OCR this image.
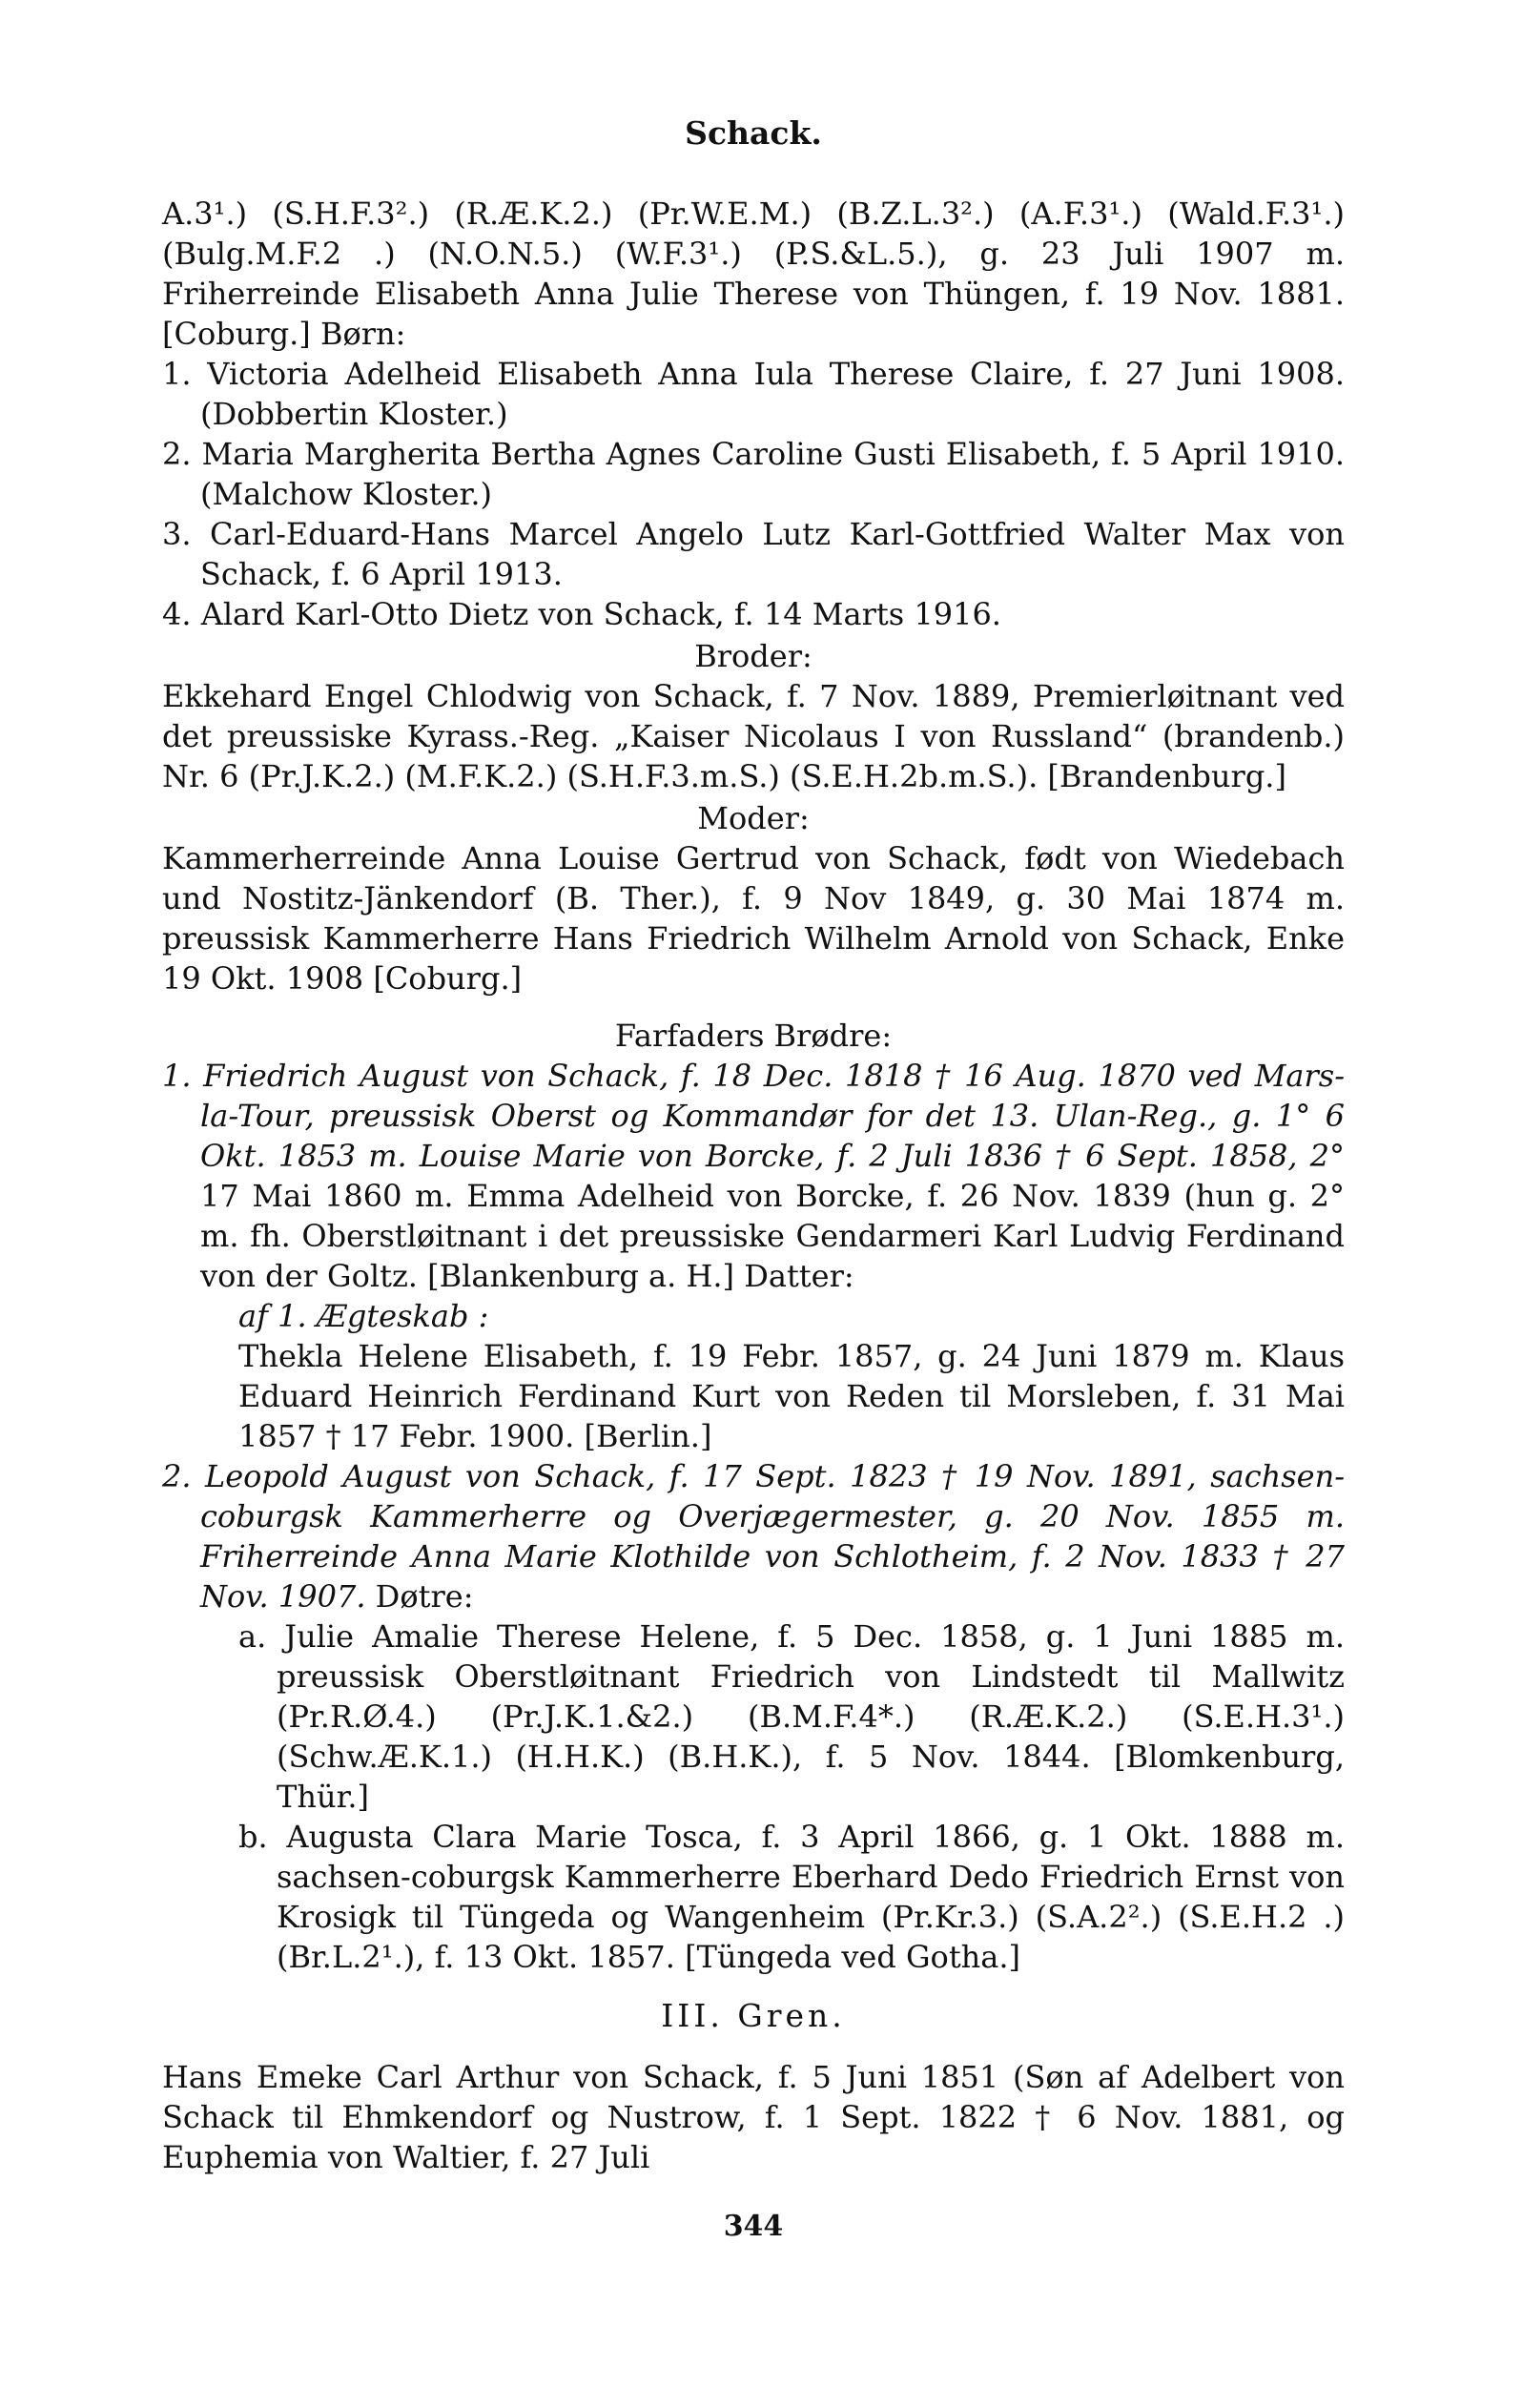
Schack.

A.3¹.) (S.H.F.3².) (R.Æ.K.2.) (Pr.W.E.M.) (B.Z.L.3².) (A.F.3¹.) (Wald.F.3¹.) (Bulg.M.F.2 .) (N.O.N.5.) (W.F.3¹.) (P.S.&L.5.), g. 23 Juli 1907 m. Friherreinde Elisabeth Anna Julie Therese von Thüngen, f. 19 Nov. 1881. [Coburg.] Børn:

1. Victoria Adelheid Elisabeth Anna Iula Therese Claire, f. 27 Juni 1908. (Dobbertin Kloster.)

2. Maria Margherita Bertha Agnes Caroline Gusti Elisabeth, f. 5 April 1910. (Malchow Kloster.)

3. Carl-Eduard-Hans Marcel Angelo Lutz Karl-Gottfried Walter Max von Schack, f. 6 April 1913.

4. Alard Karl-Otto Dietz von Schack, f. 14 Marts 1916.

Broder:

Ekkehard Engel Chlodwig von Schack, f. 7 Nov. 1889, Premierløitnant ved det preussiske Kyrass.-Reg. „Kaiser Nicolaus I von Russland“ (brandenb.) Nr. 6 (Pr.J.K.2.) (M.F.K.2.) (S.H.F.3.m.S.) (S.E.H.2b.m.S.). [Brandenburg.]

Moder:

Kammerherreinde Anna Louise Gertrud von Schack, født von Wiedebach und Nostitz-Jänkendorf (B. Ther.), f. 9 Nov 1849, g. 30 Mai 1874 m. preussisk Kammerherre Hans Friedrich Wilhelm Arnold von Schack, Enke 19 Okt. 1908 [Coburg.]

Farfaders Brødre:

1. Friedrich August von Schack, f. 18 Dec. 1818 † 16 Aug. 1870 ved Mars-la-Tour, preussisk Oberst og Kommandør for det 13. Ulan-Reg., g. 1° 6 Okt. 1853 m. Louise Marie von Borcke, f. 2 Juli 1836 † 6 Sept. 1858, 2° 17 Mai 1860 m. Emma Adelheid von Borcke, f. 26 Nov. 1839 (hun g. 2° m. fh. Oberstløitnant i det preussiske Gendarmeri Karl Ludvig Ferdinand von der Goltz. [Blankenburg a. H.] Datter:

af 1. Ægteskab :

Thekla Helene Elisabeth, f. 19 Febr. 1857, g. 24 Juni 1879 m. Klaus Eduard Heinrich Ferdinand Kurt von Reden til Morsleben, f. 31 Mai 1857 † 17 Febr. 1900. [Berlin.]

2. Leopold August von Schack, f. 17 Sept. 1823 † 19 Nov. 1891, sachsen-coburgsk Kammerherre og Overjægermester, g. 20 Nov. 1855 m. Friherreinde Anna Marie Klothilde von Schlotheim, f. 2 Nov. 1833 † 27 Nov. 1907. Døtre:

a. Julie Amalie Therese Helene, f. 5 Dec. 1858, g. 1 Juni 1885 m. preussisk Oberstløitnant Friedrich von Lindstedt til Mallwitz (Pr.R.Ø.4.) (Pr.J.K.1.&2.) (B.M.F.4*.) (R.Æ.K.2.) (S.E.H.3¹.) (Schw.Æ.K.1.) (H.H.K.) (B.H.K.), f. 5 Nov. 1844. [Blomkenburg, Thür.]

b. Augusta Clara Marie Tosca, f. 3 April 1866, g. 1 Okt. 1888 m. sachsen-coburgsk Kammerherre Eberhard Dedo Friedrich Ernst von Krosigk til Tüngeda og Wangenheim (Pr.Kr.3.) (S.A.2².) (S.E.H.2 .) (Br.L.2¹.), f. 13 Okt. 1857. [Tüngeda ved Gotha.]

III. Gren.

Hans Emeke Carl Arthur von Schack, f. 5 Juni 1851 (Søn af Adelbert von Schack til Ehmkendorf og Nustrow, f. 1 Sept. 1822 † 6 Nov. 1881, og Euphemia von Waltier, f. 27 Juli

344
